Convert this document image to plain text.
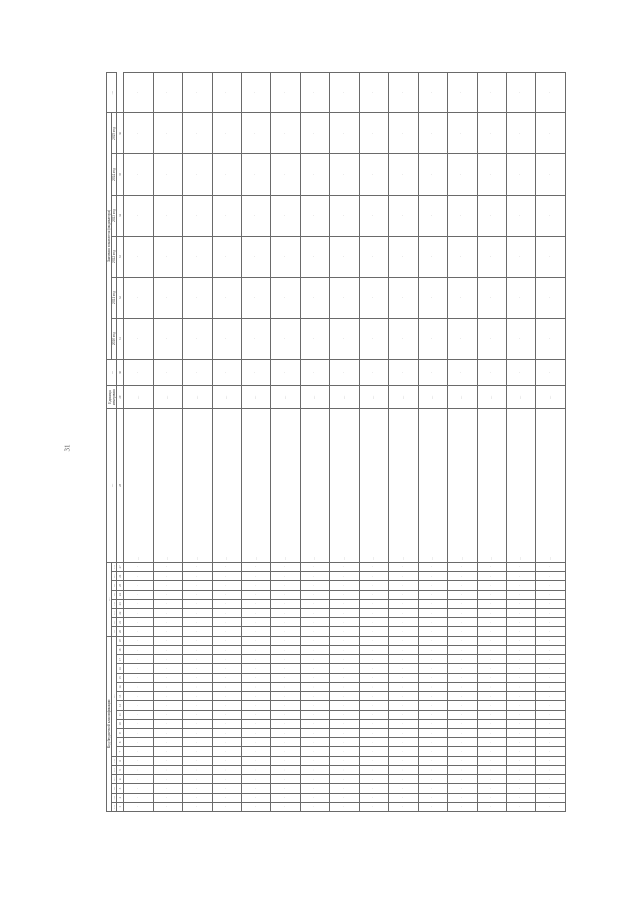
31
Код бюджетной классификации																			…								…	Единица измерения	…	Значения показателя (индикатора)						…
…	…	…	…	…	…	…													…	…	…	…	…	…	…	…				2020 год	2021 год	2022 год	2023 год	2024 год	2025 год	
1	2	3	4	5	6	7	8	9	10	11	12	13	14	15	16	17	18	19	20	21	22	23	24	25	26	27	28	29	30	31	32	33	34	35	36	
·	·	·	·	·	·	·	·	·	·	·	·	·	·	·	·	·	·	·	·	·	·	·	·	·	·	·	…	…	·	·	·	·	·	·	·	·
·	·	·	·	·	·	·	·	·	·	·	·	·	·	·	·	·	·	·	·	·	·	·	·	·	·	·	…	…	·	·	·	·	·	·	·	·
·	·	·	·	·	·	·	·	·	·	·	·	·	·	·	·	·	·	·	·	·	·	·	·	·	·	·	…	…	·	·	·	·	·	·	·	·
·	·	·	·	·	·	·	·	·	·	·	·	·	·	·	·	·	·	·	·	·	·	·	·	·	·	·	…	…	·	·	·	·	·	·	·	·
·	·	·	·	·	·	·	·	·	·	·	·	·	·	·	·	·	·	·	·	·	·	·	·	·	·	·	…	…	·	·	·	·	·	·	·	·
·	·	·	·	·	·	·	·	·	·	·	·	·	·	·	·	·	·	·	·	·	·	·	·	·	·	·	…	…	·	·	·	·	·	·	·	·
·	·	·	·	·	·	·	·	·	·	·	·	·	·	·	·	·	·	·	·	·	·	·	·	·	·	·	…	…	·	·	·	·	·	·	·	·
·	·	·	·	·	·	·	·	·	·	·	·	·	·	·	·	·	·	·	·	·	·	·	·	·	·	·	…	…	·	·	·	·	·	·	·	·
·	·	·	·	·	·	·	·	·	·	·	·	·	·	·	·	·	·	·	·	·	·	·	·	·	·	·	…	…	·	·	·	·	·	·	·	·
·	·	·	·	·	·	·	·	·	·	·	·	·	·	·	·	·	·	·	·	·	·	·	·	·	·	·	…	…	·	·	·	·	·	·	·	·
·	·	·	·	·	·	·	·	·	·	·	·	·	·	·	·	·	·	·	·	·	·	·	·	·	·	·	…	…	·	·	·	·	·	·	·	·
·	·	·	·	·	·	·	·	·	·	·	·	·	·	·	·	·	·	·	·	·	·	·	·	·	·	·	…	…	·	·	·	·	·	·	·	·
·	·	·	·	·	·	·	·	·	·	·	·	·	·	·	·	·	·	·	·	·	·	·	·	·	·	·	…	…	·	·	·	·	·	·	·	·
·	·	·	·	·	·	·	·	·	·	·	·	·	·	·	·	·	·	·	·	·	·	·	·	·	·	·	…	…	·	·	·	·	·	·	·	·
·	·	·	·	·	·	·	·	·	·	·	·	·	·	·	·	·	·	·	·	·	·	·	·	·	·	·	…	…	·	·	·	·	·	·	·	·
